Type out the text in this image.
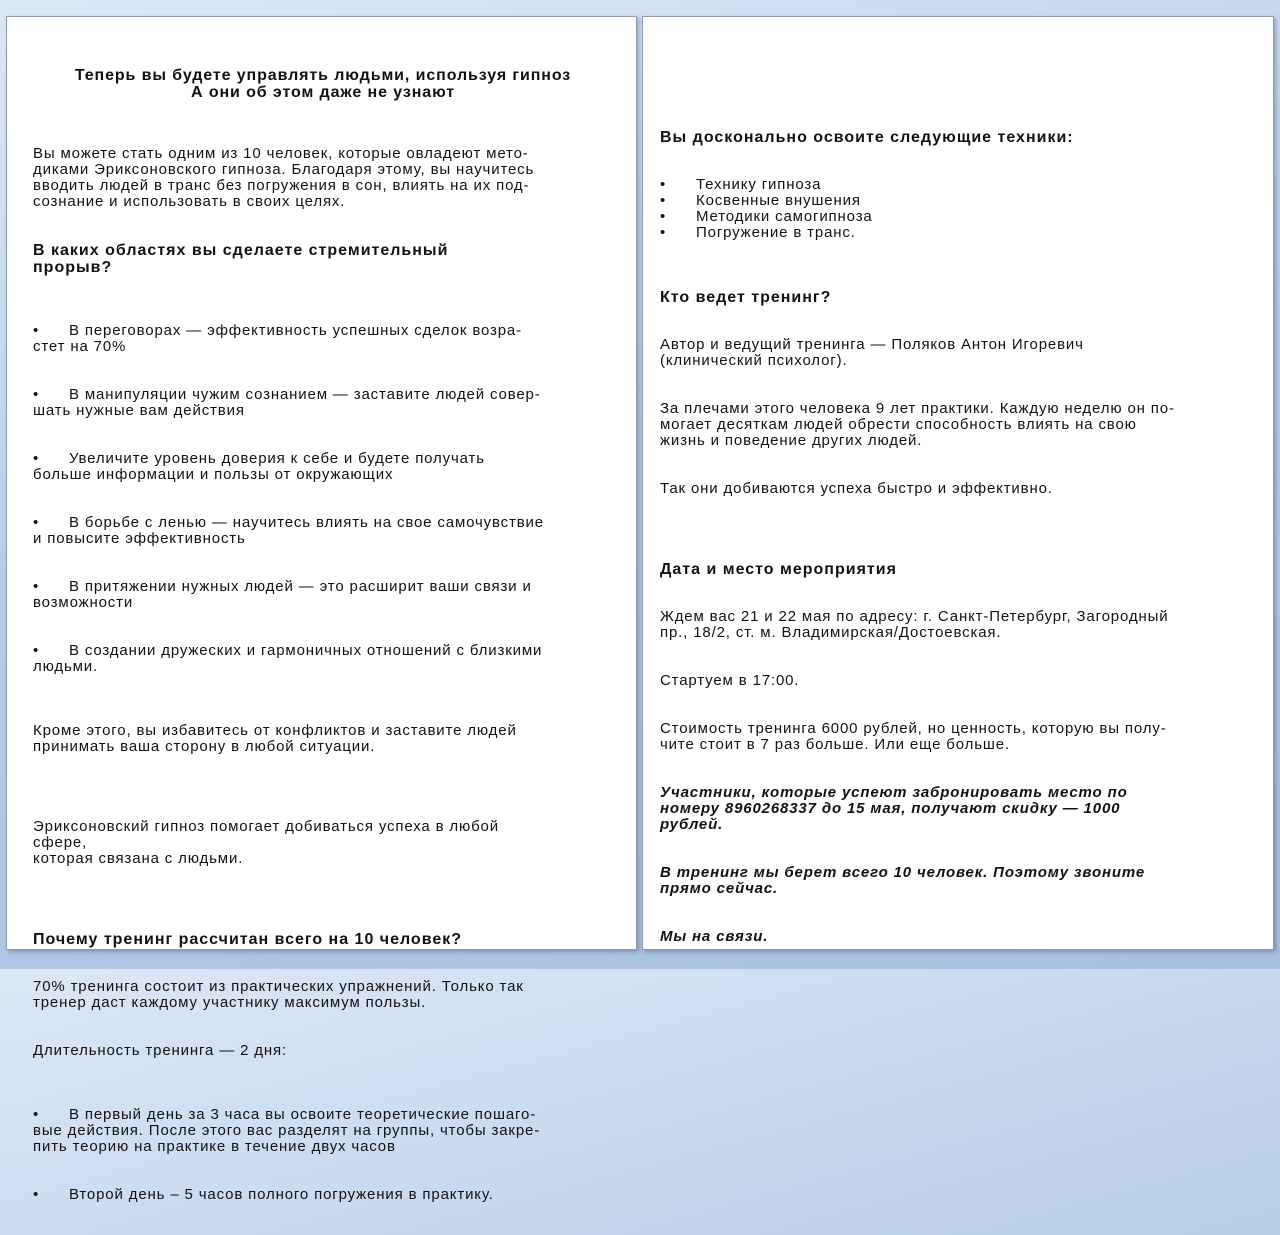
Теперь вы будете управлять людьми, используя гипноз
А они об этом даже не узнают

Вы можете стать одним из 10 человек, которые овладеют мето-
диками Эриксоновского гипноза. Благодаря этому, вы научитесь
вводить людей в транс без погружения в сон, влиять на их под-
сознание и использовать в своих целях.

В каких областях вы сделаете стремительный
прорыв?

• В переговорах — эффективность успешных сделок возра-
стет на 70%

• В манипуляции чужим сознанием — заставите людей совер-
шать нужные вам действия

• Увеличите уровень доверия к себе и будете получать
больше информации и пользы от окружающих

• В борьбе с ленью — научитесь влиять на свое самочувствие
и повысите эффективность

• В притяжении нужных людей — это расширит ваши связи и
возможности

• В создании дружеских и гармоничных отношений с близкими
людьми.

Кроме этого, вы избавитесь от конфликтов и заставите людей
принимать ваша сторону в любой ситуации.

Эриксоновский гипноз помогает добиваться успеха в любой
сфере,
которая связана с людьми.

Почему тренинг рассчитан всего на 10 человек?

70% тренинга состоит из практических упражнений. Только так
тренер даст каждому участнику максимум пользы.

Длительность тренинга — 2 дня:

• В первый день за 3 часа вы освоите теоретические пошаго-
вые действия. После этого вас разделят на группы, чтобы закре-
пить теорию на практике в течение двух часов

• Второй день – 5 часов полного погружения в практику.

Вы досконально освоите следующие техники:

• Технику гипноза
• Косвенные внушения
• Методики самогипноза
• Погружение в транс.

Кто ведет тренинг?

Автор и ведущий тренинга — Поляков Антон Игоревич
(клинический психолог).

За плечами этого человека 9 лет практики. Каждую неделю он по-
могает десяткам людей обрести способность влиять на свою
жизнь и поведение других людей.

Так они добиваются успеха быстро и эффективно.

Дата и место мероприятия

Ждем вас 21 и 22 мая по адресу: г. Санкт-Петербург, Загородный
пр., 18/2, ст. м. Владимирская/Достоевская.

Стартуем в 17:00.

Стоимость тренинга 6000 рублей, но ценность, которую вы полу-
чите стоит в 7 раз больше. Или еще больше.

Участники, которые успеют забронировать место по
номеру 8960268337 до 15 мая, получают скидку — 1000
рублей.

В тренинг мы берет всего 10 человек. Поэтому звоните
прямо сейчас.

Мы на связи.
